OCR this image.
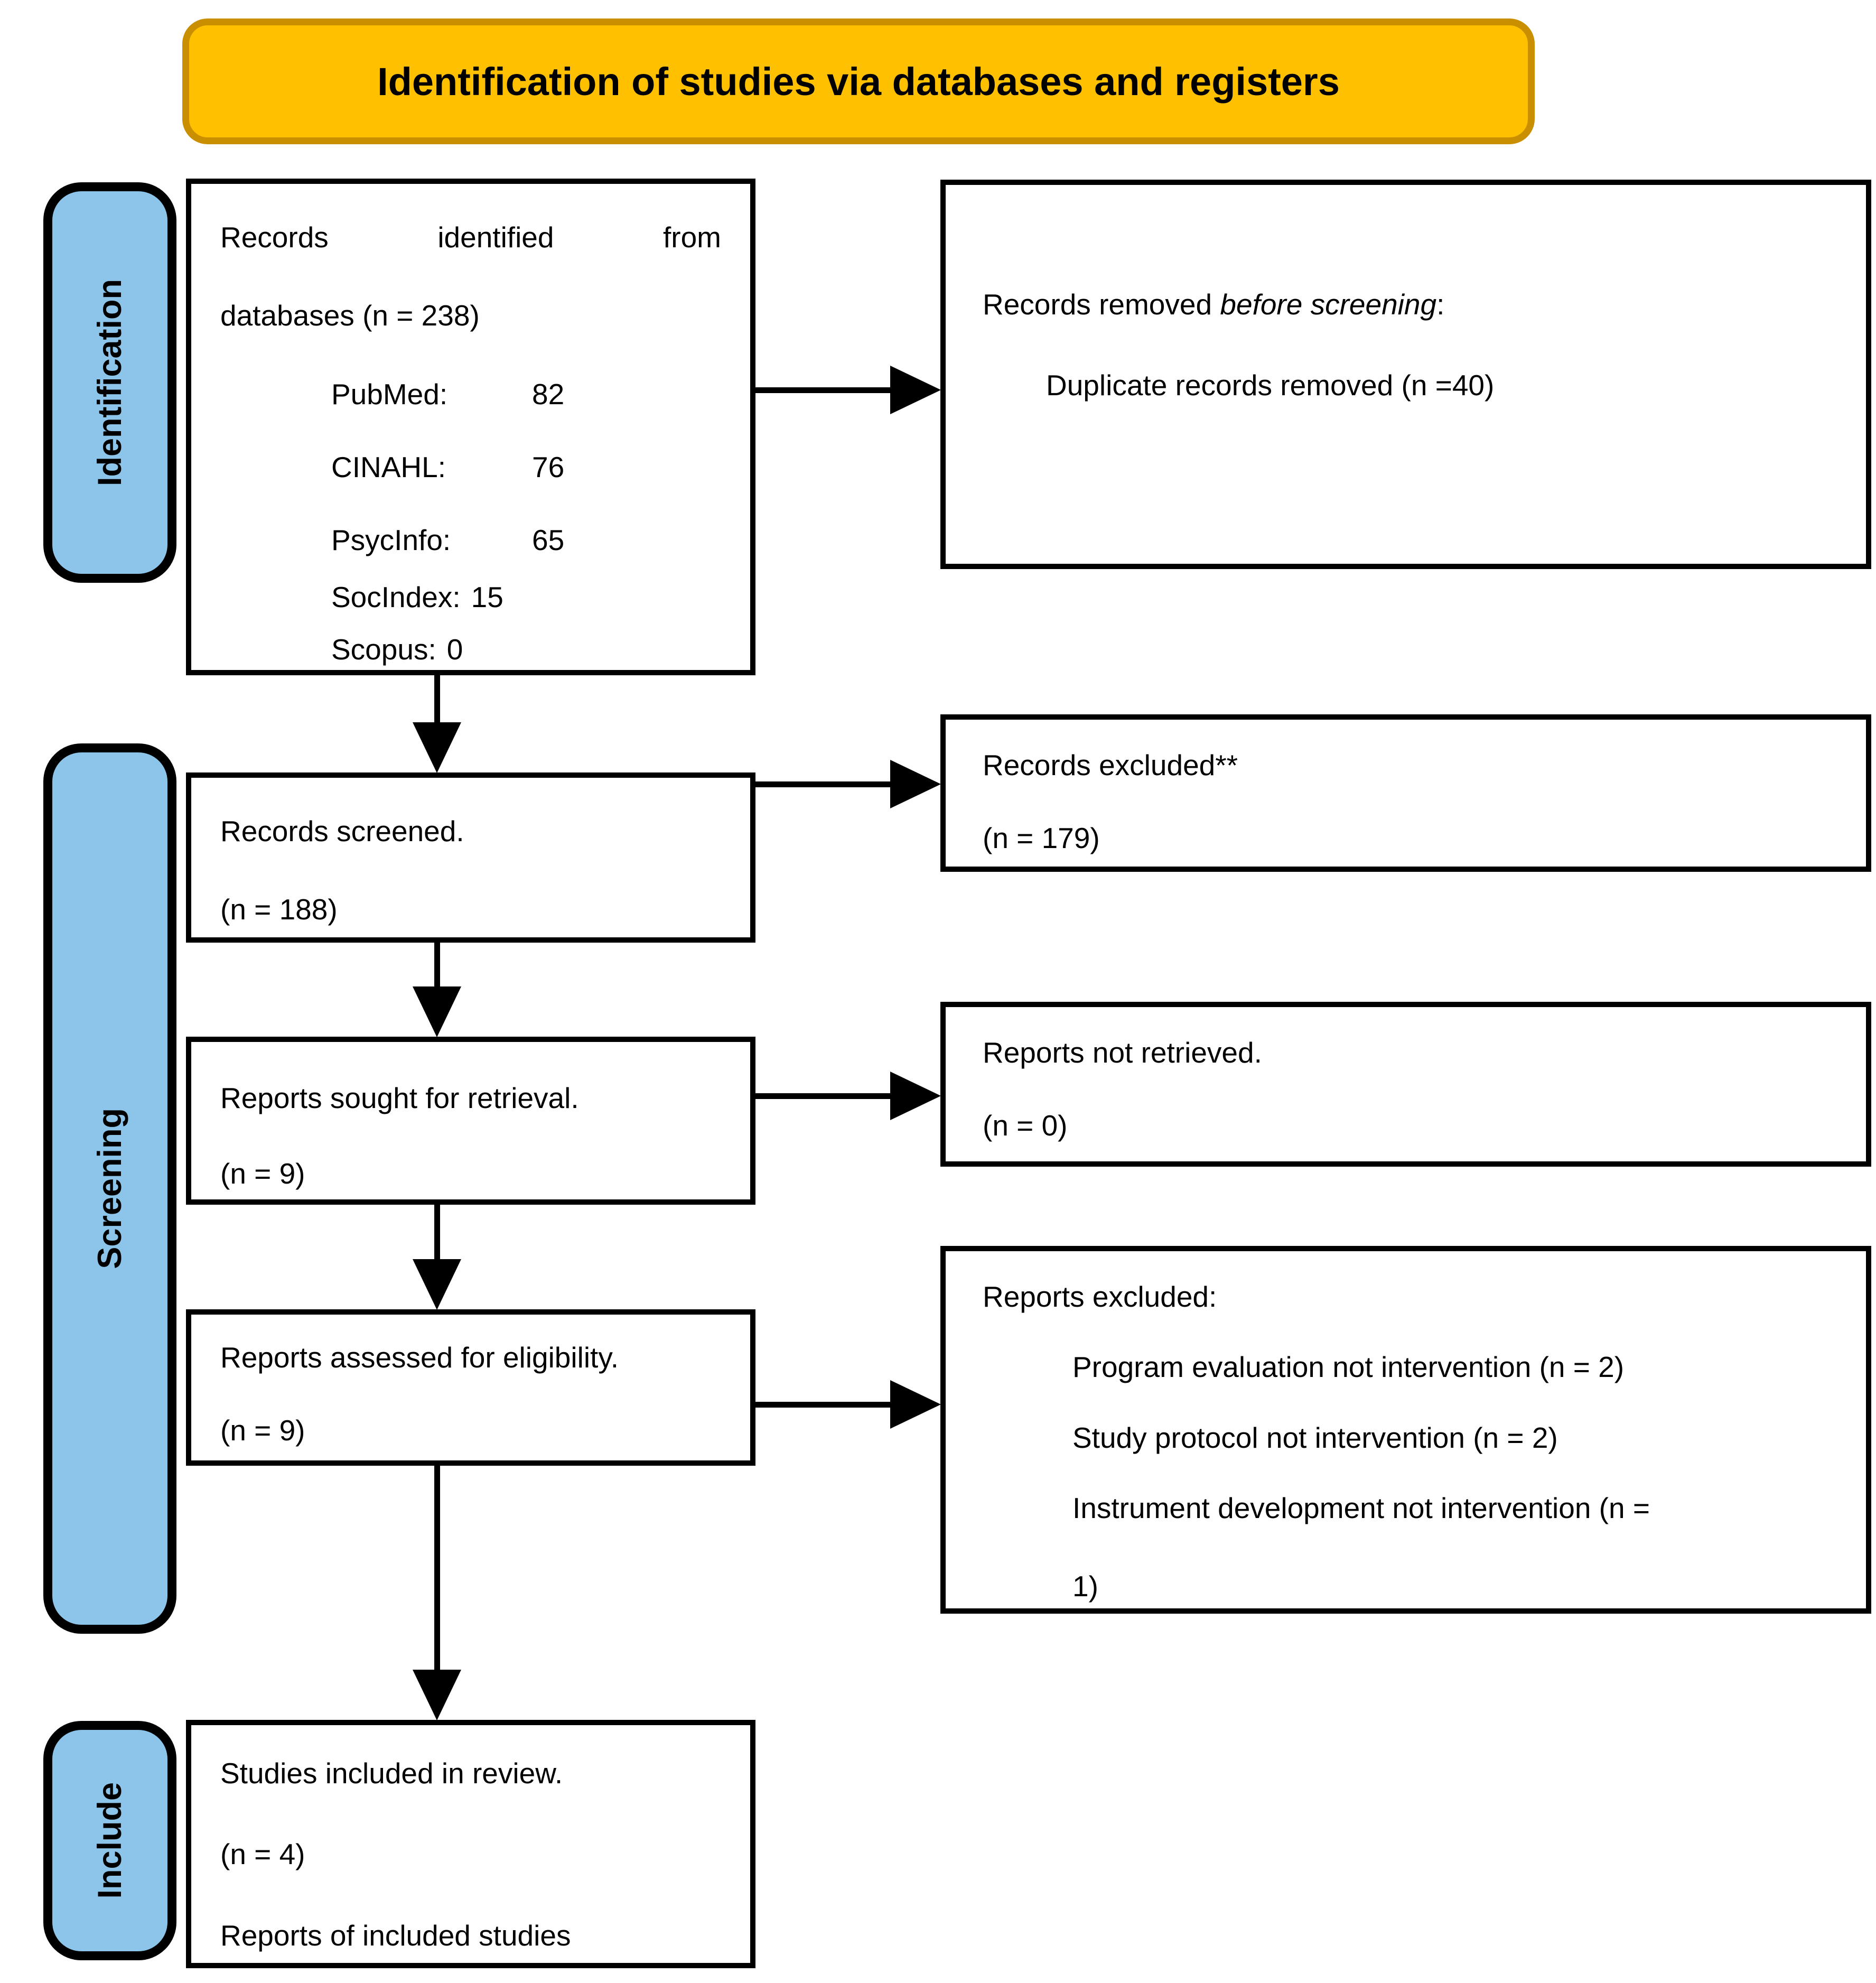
Identification of studies via databases and registers
Identification
Screening
Include
Records identified from
databases (n = 238)
PubMed:	82
CINAHL:	76
PsycInfo:	65
SocIndex: 15
Scopus: 0
Records removed before screening:
Duplicate records removed (n =40)
Records screened.
(n = 188)
Records excluded**
(n = 179)
Reports sought for retrieval.
(n = 9)
Reports not retrieved.
(n = 0)
Reports assessed for eligibility.
(n = 9)
Reports excluded:
Program evaluation not intervention (n = 2)
Study protocol not intervention (n = 2)
Instrument development not intervention (n =
1)
Studies included in review.
(n = 4)
Reports of included studies
